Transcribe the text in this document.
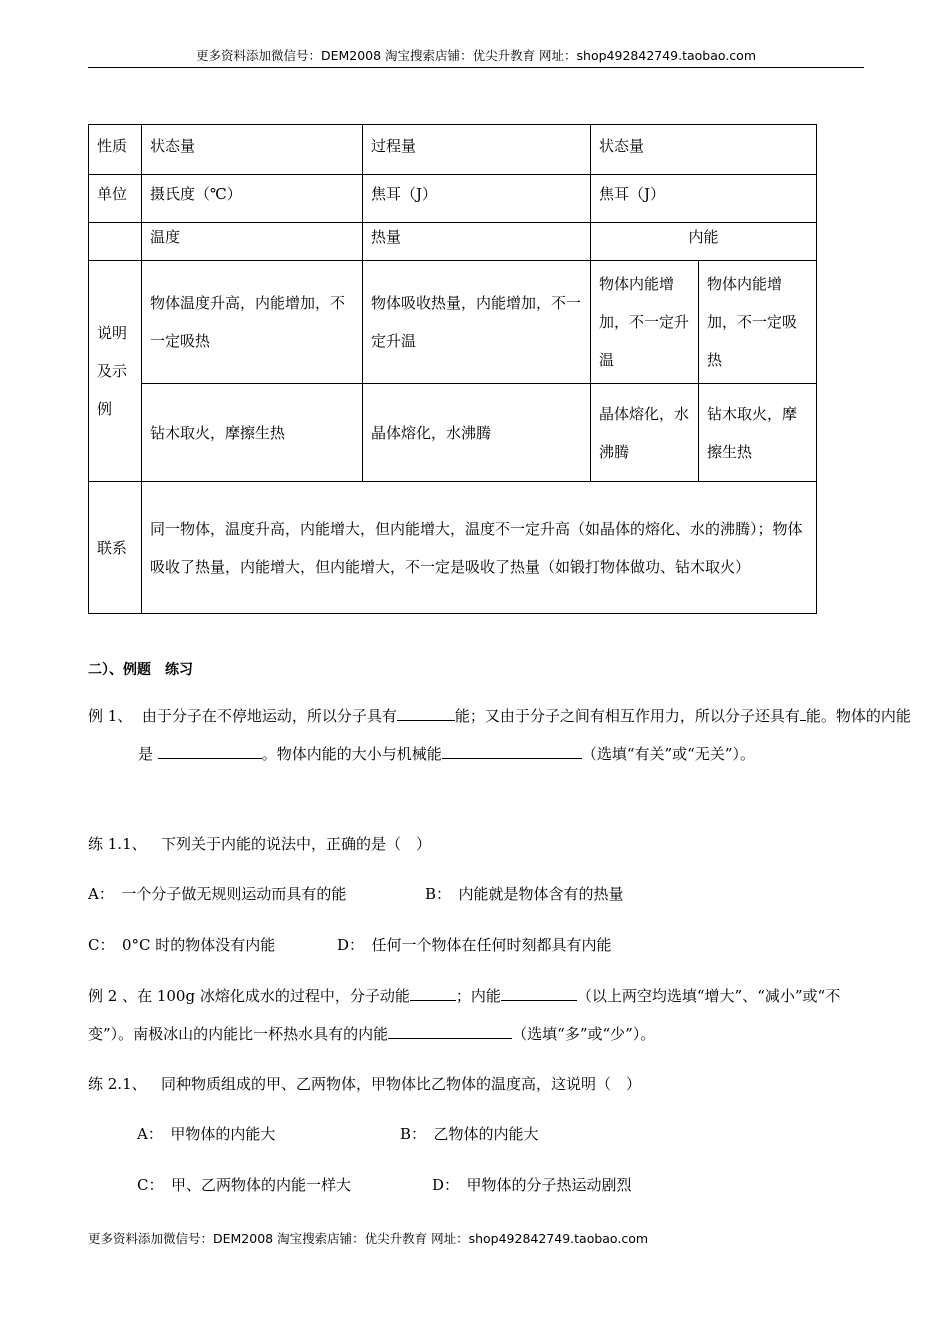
更多资料添加微信号：DEM2008 淘宝搜索店铺：优尖升教育 网址：shop492842749.taobao.com
性质	状态量	过程量	状态量	
单位	摄氏度（℃）	焦耳（J）	焦耳（J）	
	温度	热量	内能	
说明及示例	物体温度升高，内能增加，不一定吸热	物体吸收热量，内能增加，不一定升温	物体内能增加，不一定升温	物体内能增加，不一定吸热
	钻木取火，摩擦生热	晶体熔化，水沸腾	晶体熔化，水沸腾	钻木取火，摩擦生热
联系	同一物体，温度升高，内能增大，但内能增大，温度不一定升高（如晶体的熔化、水的沸腾）；物体吸收了热量，内能增大，但内能增大，不一定是吸收了热量（如锻打物体做功、钻木取火）			
二）、例题　练习
例 1、 由于分子在不停地运动，所以分子具有	能；又由于分子之间有相互作用力，所以分子还具有 能。物体的内能是	。物体内能的大小与机械能	（选填“有关”或“无关”）。
练 1.1、 下列关于内能的说法中，正确的是（　）
A：　一个分子做无规则运动而具有的能	B：　内能就是物体含有的热量
C：　0°C 时的物体没有内能	D：　任何一个物体在任何时刻都具有内能
例 2 、在 100g 冰熔化成水的过程中，分子动能	；内能	（以上两空均选填“增大”、“减小”或“不变”）。南极冰山的内能比一杯热水具有的内能	（选填“多”或“少”）。
练 2.1、 同种物质组成的甲、乙两物体，甲物体比乙物体的温度高，这说明（　）
A：　甲物体的内能大	B：　乙物体的内能大
C：　甲、乙两物体的内能一样大	D：　甲物体的分子热运动剧烈
更多资料添加微信号：DEM2008 淘宝搜索店铺：优尖升教育 网址：shop492842749.taobao.com
